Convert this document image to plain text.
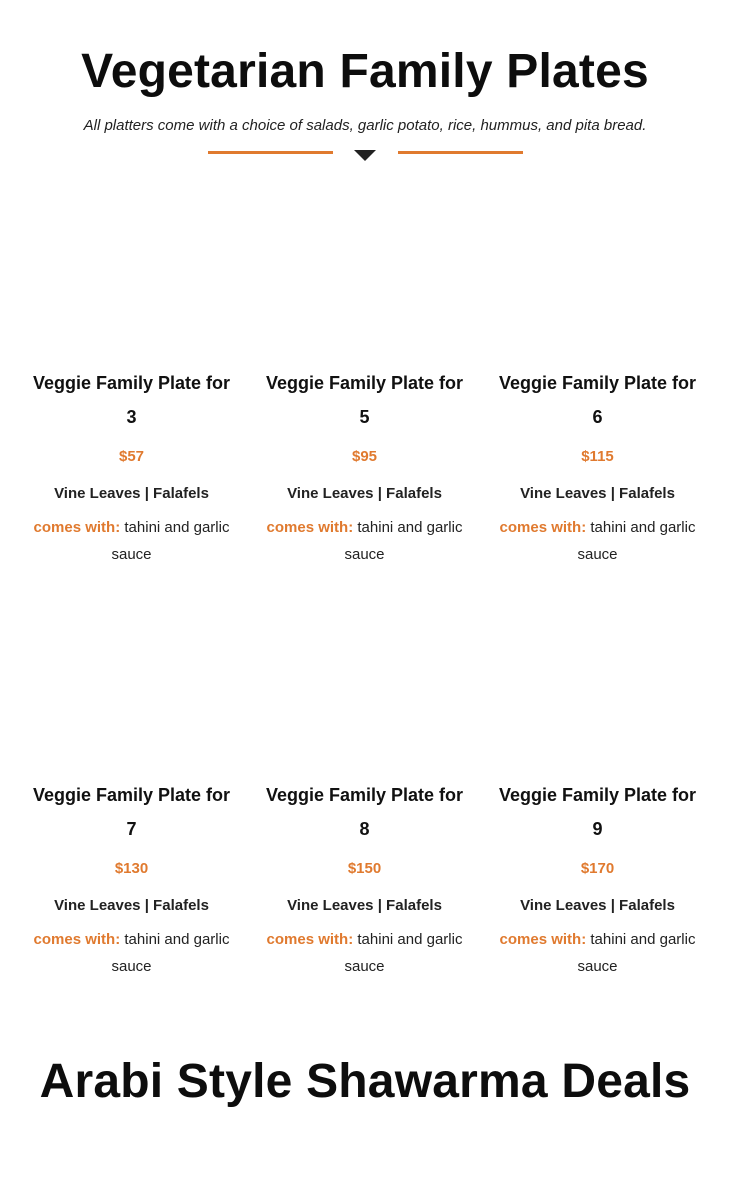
Vegetarian Family Plates
All platters come with a choice of salads, garlic potato, rice, hummus, and pita bread.
Veggie Family Plate for 3
$57
Vine Leaves | Falafels
comes with: tahini and garlic sauce
Veggie Family Plate for 5
$95
Vine Leaves | Falafels
comes with: tahini and garlic sauce
Veggie Family Plate for 6
$115
Vine Leaves | Falafels
comes with: tahini and garlic sauce
Veggie Family Plate for 7
$130
Vine Leaves | Falafels
comes with: tahini and garlic sauce
Veggie Family Plate for 8
$150
Vine Leaves | Falafels
comes with: tahini and garlic sauce
Veggie Family Plate for 9
$170
Vine Leaves | Falafels
comes with: tahini and garlic sauce
Arabi Style Shawarma Deals
